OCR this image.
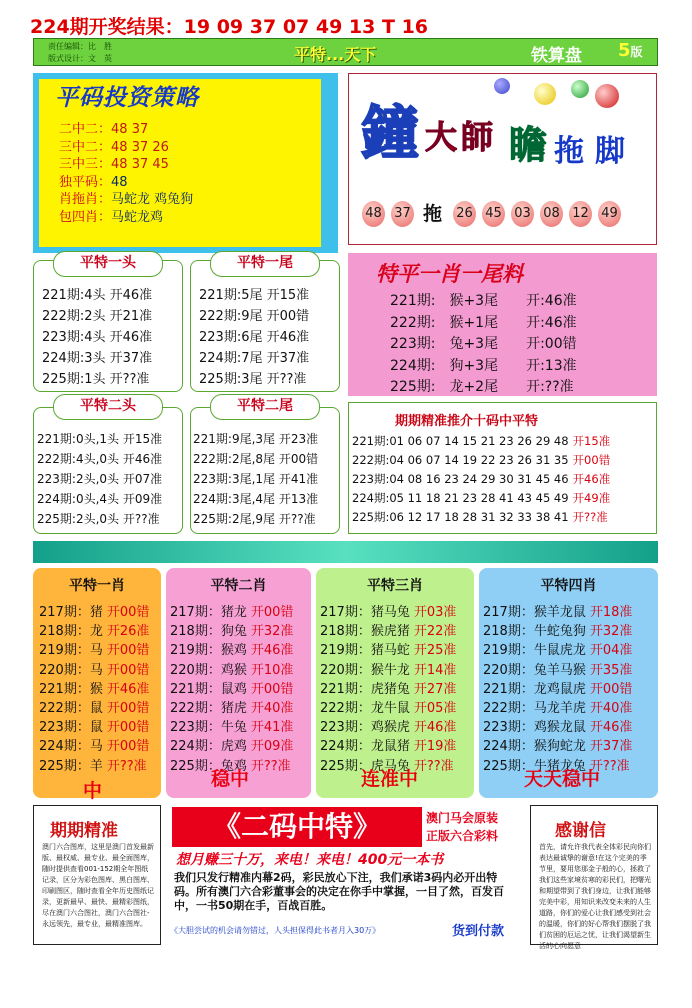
224期开奖结果：19 09 37 07 49 13 T 16
责任编辑：比　胜
版式设计：文　英	平特...天下	铁算盘 5版
平码投资策略
二中二：48 37
三中二：48 37 26
三中三：48 37 45
独平码：48
肖拖肖：马蛇龙 鸡兔狗
包四肖：马蛇龙鸡
鐘 大 師 瞻 拖 脚
平特一头	平特一尾
平特二头	平特二尾
特平一肖一尾料
期期精准推介十码中平特
期期精准
澳门六合图库，这里是澳门首发最新版、最权威、最专业、最全面图库，随时提供查看001-152期全年图纸记录，区分为彩色图库、黑白图库、印刷图区，随时查看全年历史图纸记录，更新最早、最快、最精彩图纸，尽在澳门六合图社，澳门六合图社-永远领先，最专业，最精准图库。
《二码中特》	澳门马会原装
正版六合彩料
想月赚三十万，来电！来电！400元一本书
我们只发行精准内幕2码，彩民放心下注，我们承诺3码内必开出特码。所有澳门六合彩董事会的决定在你手中掌握，一目了然，百发百中，一书50期在手，百战百胜。
《大胆尝试的机会请勿错过，人头担保得此书者月入30万》	货到付款
感谢信
首先，请允许我代表全体彩民向你们表达最诚挚的谢意!在这个完美的季节里，要用您那金子般的心，拯救了我们这些家境贫寒的彩民们，把曙光和期望带到了我们身边，让我们能够完美中彩，用知识来改变未来的人生道路，你们的爱心让我们感受到社会的温暖，你们的好心帮我们摆脱了我们贫困的厄运之忧，让我们渴望新生活的心向愿意
48 37	26 45 03 08 12 49
拖
221期:4头 开46准
222期:2头 开21准
223期:4头 开46准
224期:3头 开37准
225期:1头 开??准
221期:5尾 开15准
222期:9尾 开00错
223期:6尾 开46准
224期:7尾 开37准
225期:3尾 开??准
221期:0头,1头 开15准
222期:4头,0头 开46准
223期:2头,0头 开07准
224期:0头,4头 开09准
225期:2头,0头 开??准
221期:9尾,3尾 开23准
222期:2尾,8尾 开00错
223期:3尾,1尾 开41准
224期:3尾,4尾 开13准
225期:2尾,9尾 开??准
221期:　猴+3尾　　开:46准
222期:　猴+1尾　　开:46准
223期:　兔+3尾　　开:00错
224期:　狗+3尾　　开:13准
225期:　龙+2尾　　开:??准
221期:01 06 07 14 15 21 23 26 29 48 开15准
222期:04 06 07 14 19 22 23 26 31 35 开00错
223期:04 08 16 23 24 29 30 31 45 46 开46准
224期:05 11 18 21 23 28 41 43 45 49 开49准
225期:06 12 17 18 28 31 32 33 38 41 开??准
平特一肖
217期：猪 开00错
218期：龙 开26准
219期：马 开00错
220期：马 开00错
221期：猴 开46准
222期：鼠 开00错
223期：鼠 开00错
224期：马 开00错
225期：羊 开??准
中
平特二肖
217期：猪龙 开00错
218期：狗兔 开32准
219期：猴鸡 开46准
220期：鸡猴 开10准
221期：鼠鸡 开00错
222期：猪虎 开40准
223期：牛兔 开41准
224期：虎鸡 开09准
225期：兔鸡 开??准
稳中
平特三肖
217期：猪马兔 开03准
218期：猴虎猪 开22准
219期：猪马蛇 开25准
220期：猴牛龙 开14准
221期：虎猪兔 开27准
222期：龙牛鼠 开05准
223期：鸡猴虎 开46准
224期：龙鼠猪 开19准
225期：虎马兔 开??准
连准中
平特四肖
217期：猴羊龙鼠 开18准
218期：牛蛇兔狗 开32准
219期：牛鼠虎龙 开04准
220期：兔羊马猴 开35准
221期：龙鸡鼠虎 开00错
222期：马龙羊虎 开40准
223期：鸡猴龙鼠 开46准
224期：猴狗蛇龙 开37准
225期：牛猪龙兔 开??准
天天稳中
